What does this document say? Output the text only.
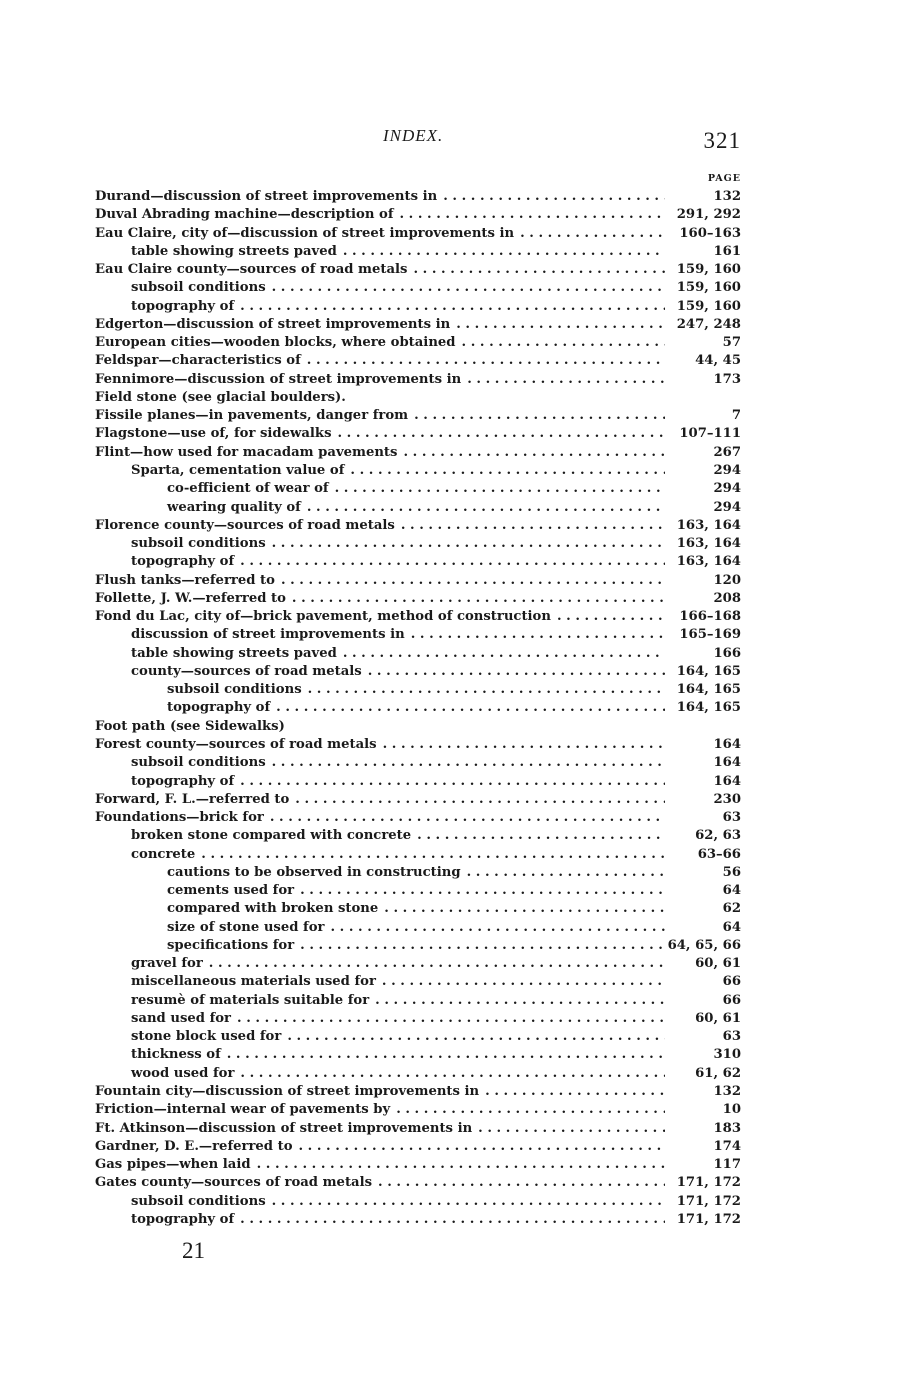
INDEX.	321
PAGE
Durand—discussion of street improvements in . . .	132
Duval Abrading machine—description of . . .	291, 292
Eau Claire, city of—discussion of street improvements in . . .	160–163
table showing streets paved . . .	161
Eau Claire county—sources of road metals . . .	159, 160
subsoil conditions . . .	159, 160
topography of . . .	159, 160
Edgerton—discussion of street improvements in . . .	247, 248
European cities—wooden blocks, where obtained . . .	57
Feldspar—characteristics of . . .	44, 45
Fennimore—discussion of street improvements in . . .	173
Field stone (see glacial boulders).
Fissile planes—in pavements, danger from . . .	7
Flagstone—use of, for sidewalks . . .	107–111
Flint—how used for macadam pavements . . .	267
Sparta, cementation value of . . .	294
co-efficient of wear of . . .	294
wearing quality of . . .	294
Florence county—sources of road metals . . .	163, 164
subsoil conditions . . .	163, 164
topography of . . .	163, 164
Flush tanks—referred to . . .	120
Follette, J. W.—referred to . . .	208
Fond du Lac, city of—brick pavement, method of construction . . .	166–168
discussion of street improvements in . . .	165–169
table showing streets paved . . .	166
county—sources of road metals . . .	164, 165
subsoil conditions . . .	164, 165
topography of . . .	164, 165
Foot path (see Sidewalks)
Forest county—sources of road metals . . .	164
subsoil conditions . . .	164
topography of . . .	164
Forward, F. L.—referred to . . .	230
Foundations—brick for . . .	63
broken stone compared with concrete . . .	62, 63
concrete . . .	63–66
cautions to be observed in constructing . . .	56
cements used for . . .	64
compared with broken stone . . .	62
size of stone used for . . .	64
specifications for . . .	64, 65, 66
gravel for . . .	60, 61
miscellaneous materials used for . . .	66
resumè of materials suitable for . . .	66
sand used for . . .	60, 61
stone block used for . . .	63
thickness of . . .	310
wood used for . . .	61, 62
Fountain city—discussion of street improvements in . . .	132
Friction—internal wear of pavements by . . .	10
Ft. Atkinson—discussion of street improvements in . . .	183
Gardner, D. E.—referred to . . .	174
Gas pipes—when laid . . .	117
Gates county—sources of road metals . . .	171, 172
subsoil conditions . . .	171, 172
topography of . . .	171, 172
21
